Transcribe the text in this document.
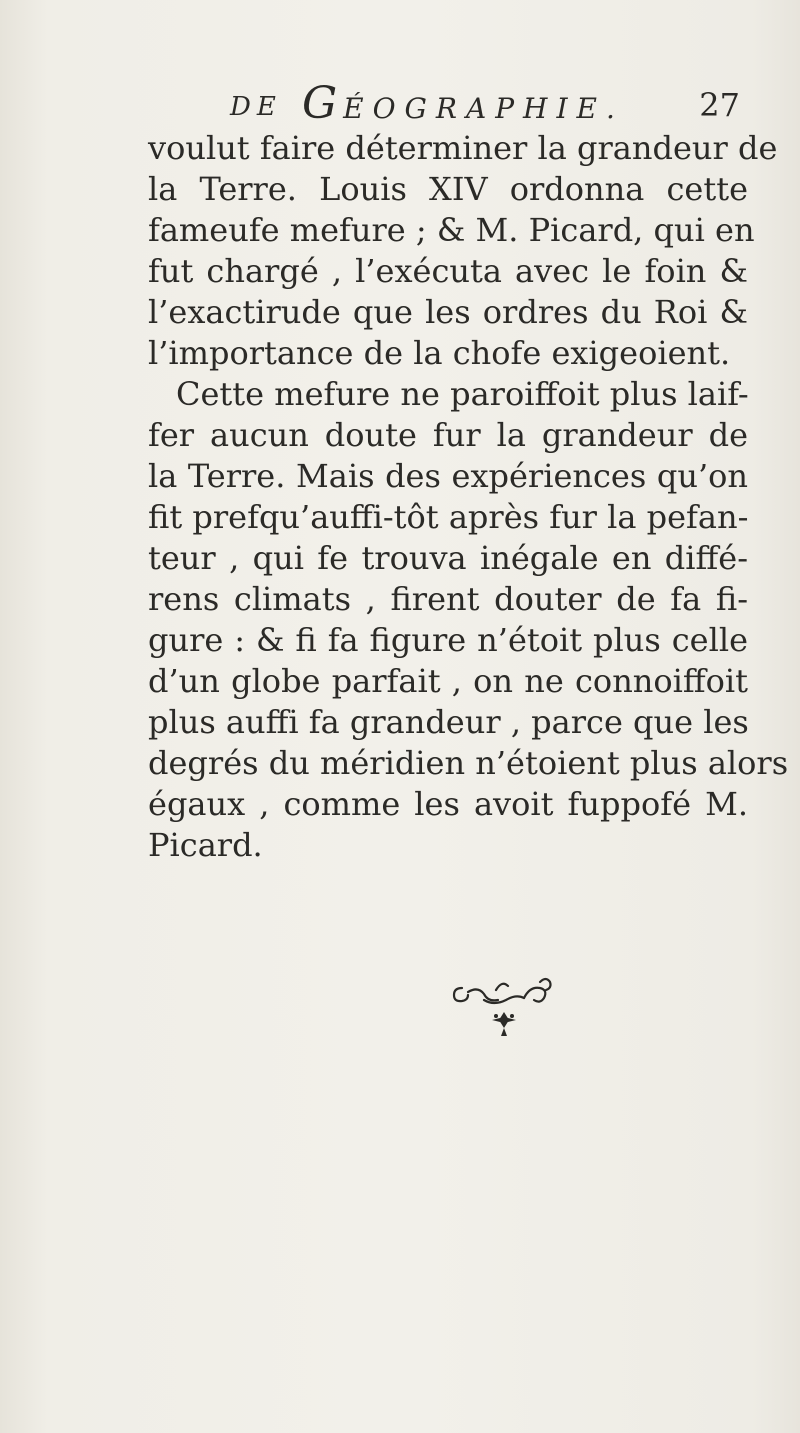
DE GÉOGRAPHIE. 27
voulut faire déterminer la grandeur de
la Terre. Louis XIV ordonna cette
fameufe mefure ; & M. Picard, qui en
fut chargé , l’exécuta avec le foin &
l’exactirude que les ordres du Roi &
l’importance de la chofe exigeoient.
Cette mefure ne paroiffoit plus laif-
fer aucun doute fur la grandeur de
la Terre. Mais des expériences qu’on
fit prefqu’auffi-tôt après fur la pefan-
teur , qui fe trouva inégale en diffé-
rens climats , firent douter de fa fi-
gure : & fi fa figure n’étoit plus celle
d’un globe parfait , on ne connoiffoit
plus auffi fa grandeur , parce que les
degrés du méridien n’étoient plus alors
égaux , comme les avoit fuppofé M.
Picard.
